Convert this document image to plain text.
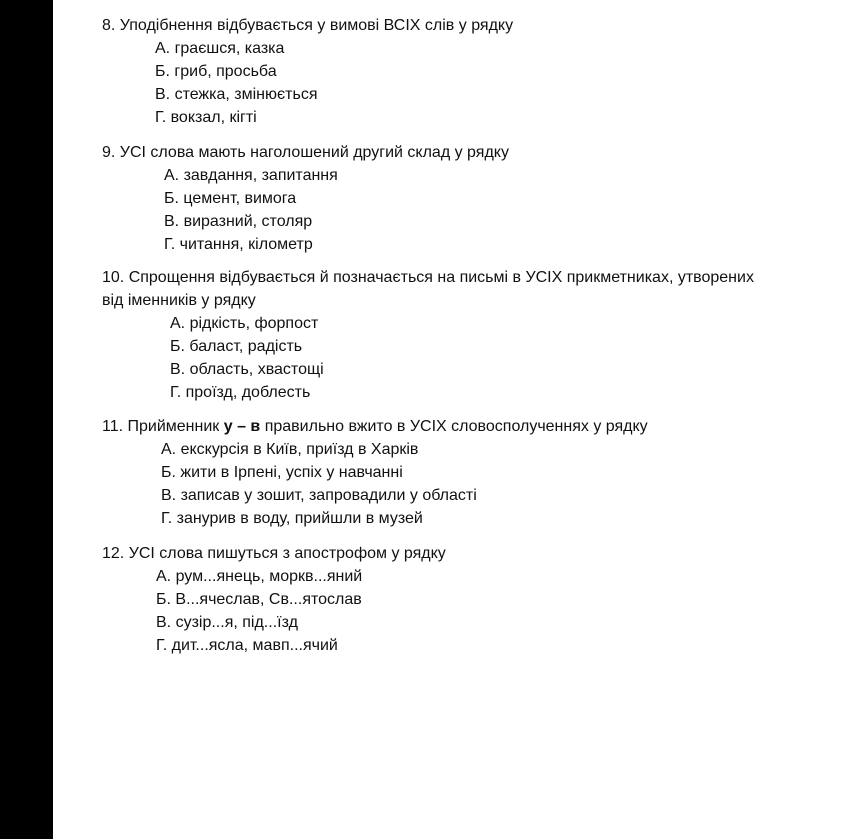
8. Уподібнення відбувається у вимові ВСІХ слів у рядку

А. граєшся, казка
Б. гриб, просьба
В. стежка, змінюється
Г. вокзал, кігті

9. УСІ слова мають наголошений другий склад у рядку

А. завдання, запитання
Б. цемент, вимога
В. виразний, столяр
Г. читання, кілометр

10. Спрощення відбувається й позначається на письмі в УСІХ прикметниках, утворених

від іменників у рядку

А. рідкість, форпост
Б. баласт, радість
В. область, хвастощі
Г. проїзд, доблесть

11. Прийменник у – в правильно вжито в УСІХ словосполученнях у рядку

А. екскурсія в Київ, приїзд в Харків
Б. жити в Ірпені, успіх у навчанні
В. записав у зошит, запровадили у області
Г. занурив в воду, прийшли в музей

12. УСІ слова пишуться з апострофом у рядку

А. рум...янець, моркв...яний
Б. В...ячеслав, Св...ятослав
В. сузір...я, під...їзд
Г. дит...ясла, мавп...ячий
